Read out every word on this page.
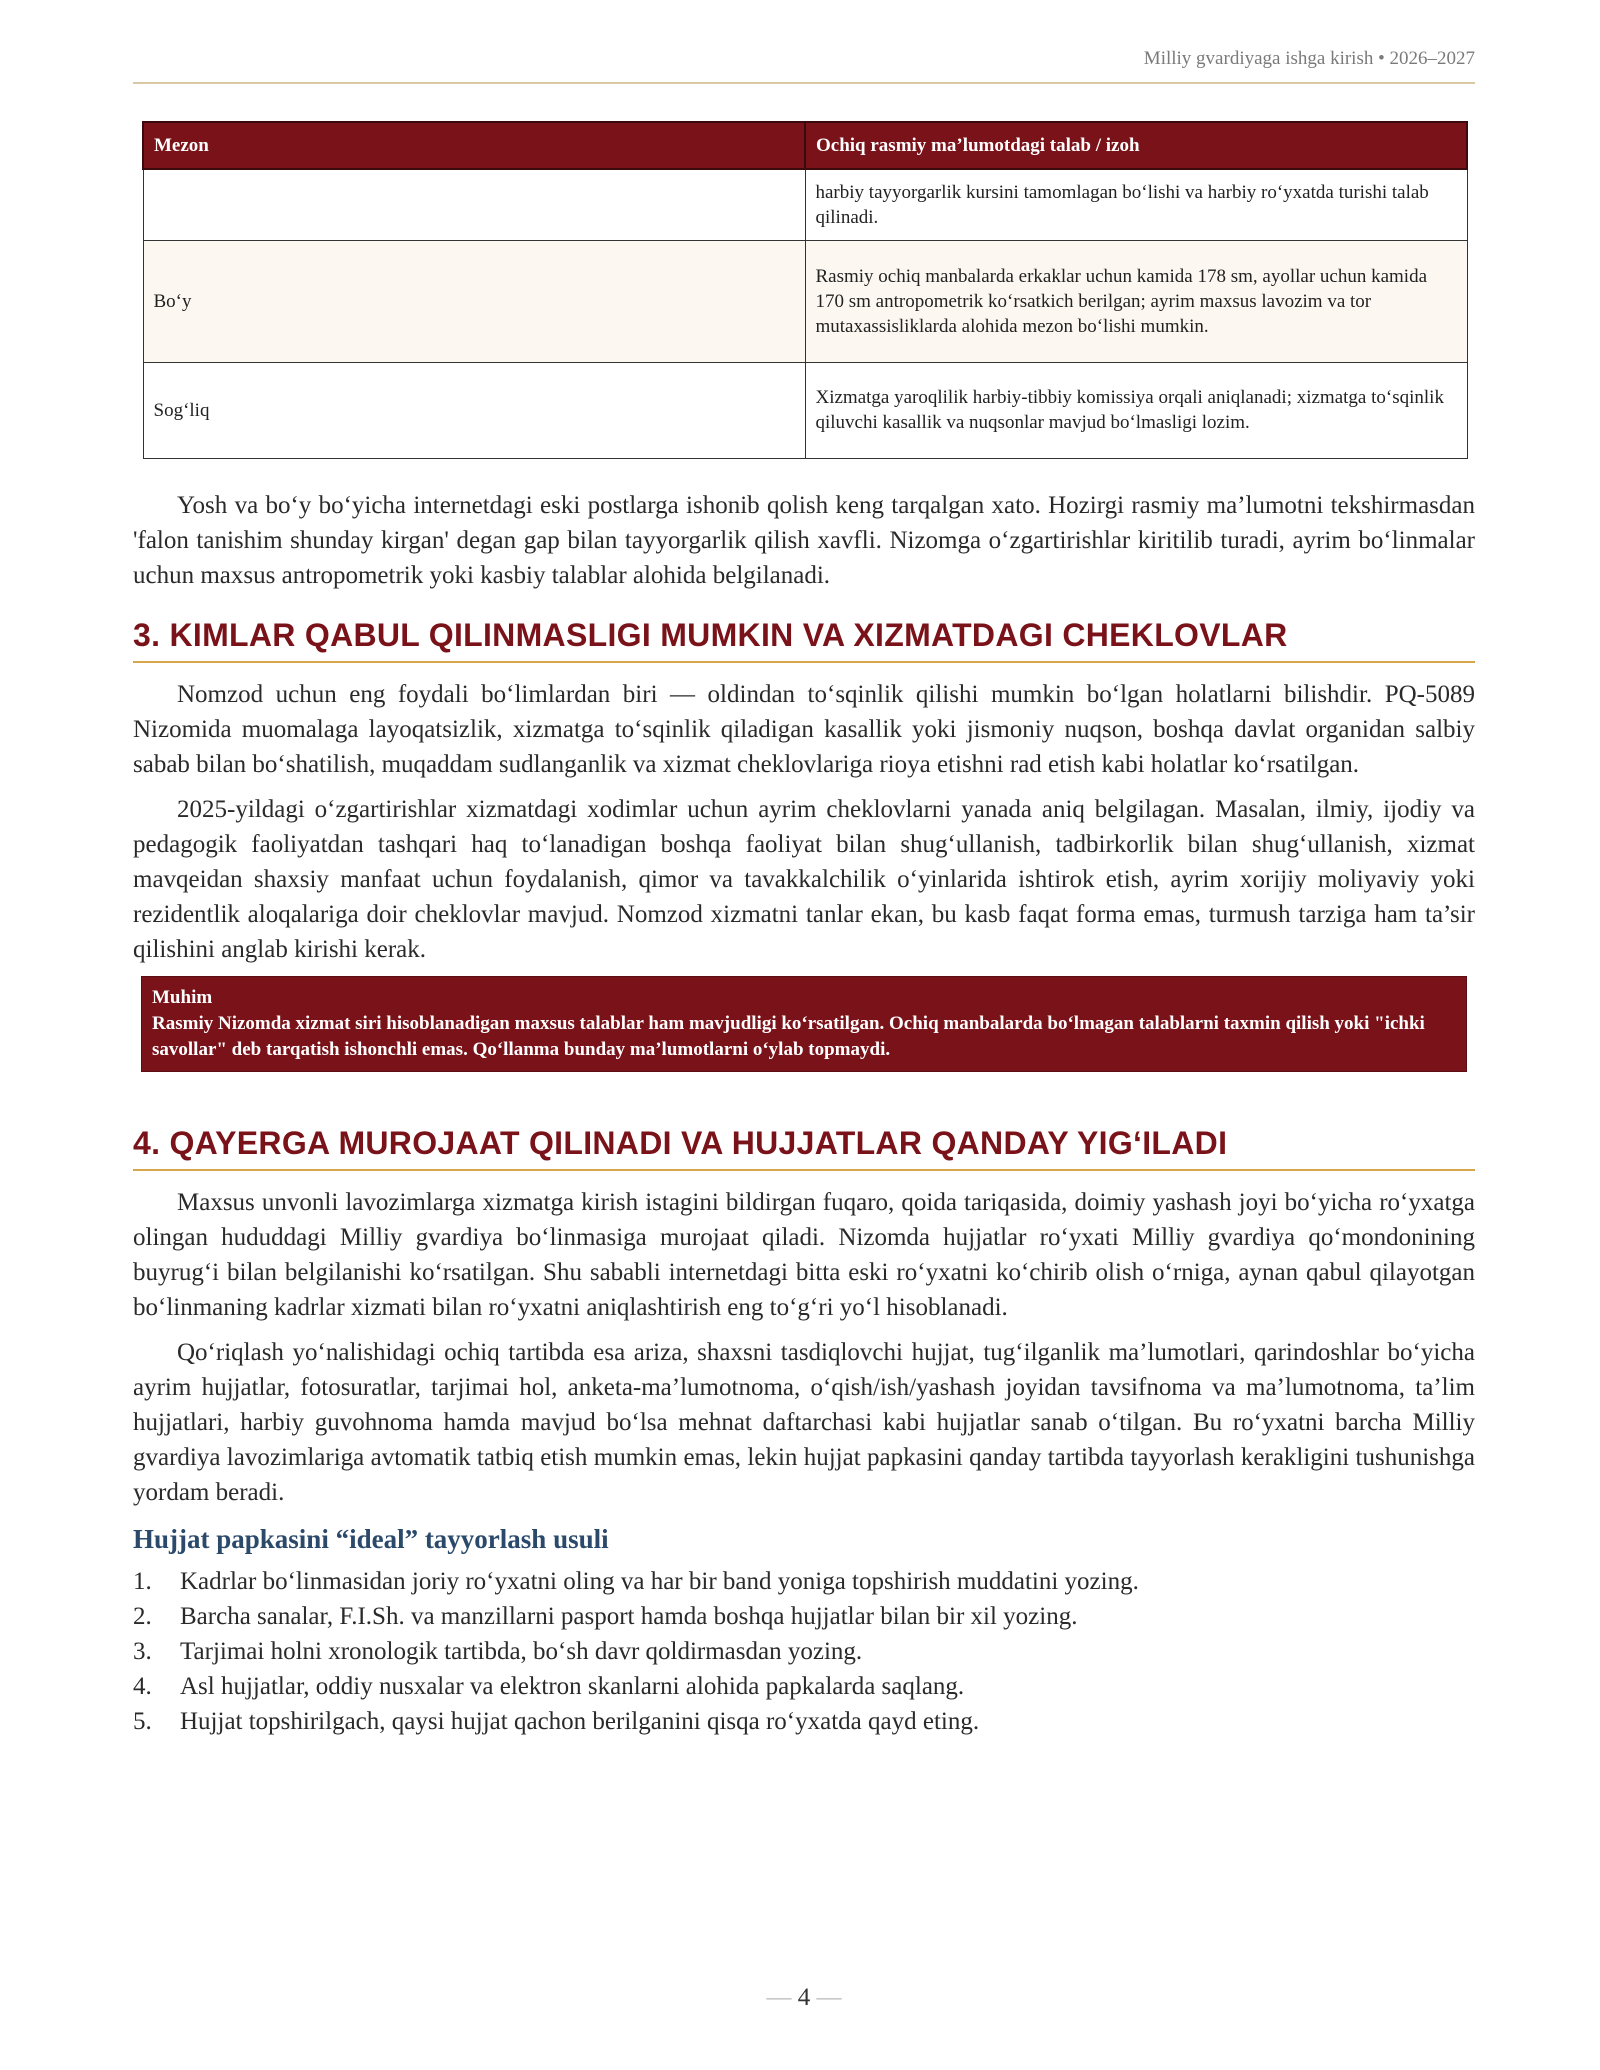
Milliy gvardiyaga ishga kirish • 2026–2027
Mezon	Ochiq rasmiy ma’lumotdagi talab / izoh
	harbiy tayyorgarlik kursini tamomlagan bo‘lishi va harbiy ro‘yxatda turishi talab qilinadi.
Bo‘y	Rasmiy ochiq manbalarda erkaklar uchun kamida 178 sm, ayollar uchun kamida 170 sm antropometrik ko‘rsatkich berilgan; ayrim maxsus lavozim va tor mutaxassisliklarda alohida mezon bo‘lishi mumkin.
Sog‘liq	Xizmatga yaroqlilik harbiy-tibbiy komissiya orqali aniqlanadi; xizmatga to‘sqinlik qiluvchi kasallik va nuqsonlar mavjud bo‘lmasligi lozim.

Yosh va bo‘y bo‘yicha internetdagi eski postlarga ishonib qolish keng tarqalgan xato. Hozirgi rasmiy ma’lumotni tekshirmasdan 'falon tanishim shunday kirgan' degan gap bilan tayyorgarlik qilish xavfli. Nizomga o‘zgartirishlar kiritilib turadi, ayrim bo‘linmalar uchun maxsus antropometrik yoki kasbiy talablar alohida belgilanadi.

3. KIMLAR QABUL QILINMASLIGI MUMKIN VA XIZMATDAGI CHEKLOVLAR

Nomzod uchun eng foydali bo‘limlardan biri — oldindan to‘sqinlik qilishi mumkin bo‘lgan holatlarni bilishdir. PQ-5089 Nizomida muomalaga layoqatsizlik, xizmatga to‘sqinlik qiladigan kasallik yoki jismoniy nuqson, boshqa davlat organidan salbiy sabab bilan bo‘shatilish, muqaddam sudlanganlik va xizmat cheklovlariga rioya etishni rad etish kabi holatlar ko‘rsatilgan.

2025-yildagi o‘zgartirishlar xizmatdagi xodimlar uchun ayrim cheklovlarni yanada aniq belgilagan. Masalan, ilmiy, ijodiy va pedagogik faoliyatdan tashqari haq to‘lanadigan boshqa faoliyat bilan shug‘ullanish, tadbirkorlik bilan shug‘ullanish, xizmat mavqeidan shaxsiy manfaat uchun foydalanish, qimor va tavakkalchilik o‘yinlarida ishtirok etish, ayrim xorijiy moliyaviy yoki rezidentlik aloqalariga doir cheklovlar mavjud. Nomzod xizmatni tanlar ekan, bu kasb faqat forma emas, turmush tarziga ham ta’sir qilishini anglab kirishi kerak.

Muhim
Rasmiy Nizomda xizmat siri hisoblanadigan maxsus talablar ham mavjudligi ko‘rsatilgan. Ochiq manbalarda bo‘lmagan talablarni taxmin qilish yoki "ichki savollar" deb tarqatish ishonchli emas. Qo‘llanma bunday ma’lumotlarni o‘ylab topmaydi.
4. QAYERGA MUROJAAT QILINADI VA HUJJATLAR QANDAY YIG‘ILADI

Maxsus unvonli lavozimlarga xizmatga kirish istagini bildirgan fuqaro, qoida tariqasida, doimiy yashash joyi bo‘yicha ro‘yxatga olingan hududdagi Milliy gvardiya bo‘linmasiga murojaat qiladi. Nizomda hujjatlar ro‘yxati Milliy gvardiya qo‘mondonining buyrug‘i bilan belgilanishi ko‘rsatilgan. Shu sababli internetdagi bitta eski ro‘yxatni ko‘chirib olish o‘rniga, aynan qabul qilayotgan bo‘linmaning kadrlar xizmati bilan ro‘yxatni aniqlashtirish eng to‘g‘ri yo‘l hisoblanadi.

Qo‘riqlash yo‘nalishidagi ochiq tartibda esa ariza, shaxsni tasdiqlovchi hujjat, tug‘ilganlik ma’lumotlari, qarindoshlar bo‘yicha ayrim hujjatlar, fotosuratlar, tarjimai hol, anketa-ma’lumotnoma, o‘qish/ish/yashash joyidan tavsifnoma va ma’lumotnoma, ta’lim hujjatlari, harbiy guvohnoma hamda mavjud bo‘lsa mehnat daftarchasi kabi hujjatlar sanab o‘tilgan. Bu ro‘yxatni barcha Milliy gvardiya lavozimlariga avtomatik tatbiq etish mumkin emas, lekin hujjat papkasini qanday tartibda tayyorlash kerakligini tushunishga yordam beradi.

Hujjat papkasini “ideal” tayyorlash usuli
1.	Kadrlar bo‘linmasidan joriy ro‘yxatni oling va har bir band yoniga topshirish muddatini yozing.
2.	Barcha sanalar, F.I.Sh. va manzillarni pasport hamda boshqa hujjatlar bilan bir xil yozing.
3.	Tarjimai holni xronologik tartibda, bo‘sh davr qoldirmasdan yozing.
4.	Asl hujjatlar, oddiy nusxalar va elektron skanlarni alohida papkalarda saqlang.
5.	Hujjat topshirilgach, qaysi hujjat qachon berilganini qisqa ro‘yxatda qayd eting.
— 4 —
